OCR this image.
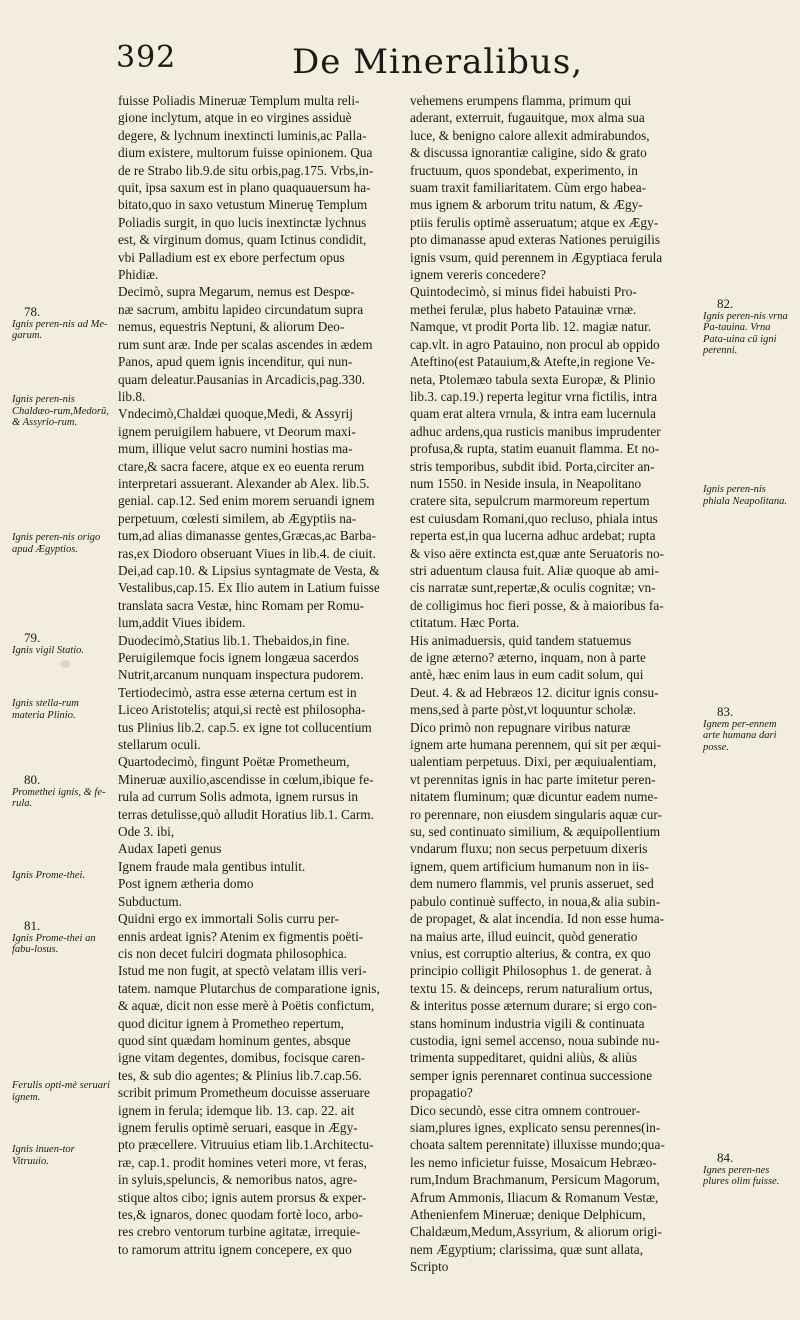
392	De Mineralibus,
fuisse Poliadis Mineruæ Templum multa reli-
gione inclytum, atque in eo virgines assiduè
degere, & lychnum inextincti luminis,ac Palla-
dium existere, multorum fuisse opinionem. Qua
de re Strabo lib.9.de situ orbis,pag.175. Vrbs,in-
quit, ipsa saxum est in plano quaquauersum ha-
bitato,quo in saxo vetustum Mineruę Templum
Poliadis surgit, in quo lucis inextinctæ lychnus
est, & virginum domus, quam Ictinus condidit,
vbi Palladium est ex ebore perfectum opus
Phidiæ.
Decimò, supra Megarum, nemus est Despœ-
næ sacrum, ambitu lapideo circundatum supra
nemus, equestris Neptuni, & aliorum Deo-
rum sunt aræ. Inde per scalas ascendes in ædem
Panos, apud quem ignis incenditur, qui nun-
quam deleatur.Pausanias in Arcadicis,pag.330.
lib.8.
Vndecimò,Chaldæi quoque,Medi, & Assyrij
ignem peruigilem habuere, vt Deorum maxi-
mum, illique velut sacro numini hostias ma-
ctare,& sacra facere, atque ex eo euenta rerum
interpretari assuerant. Alexander ab Alex. lib.5.
genial. cap.12. Sed enim morem seruandi ignem
perpetuum, cœlesti similem, ab Ægyptiis na-
tum,ad alias dimanasse gentes,Græcas,ac Barba-
ras,ex Diodoro obseruant Viues in lib.4. de ciuit.
Dei,ad cap.10. & Lipsius syntagmate de Vesta, &
Vestalibus,cap.15. Ex Ilio autem in Latium fuisse
translata sacra Vestæ, hinc Romam per Romu-
lum,addit Viues ibidem.
Duodecimò,Statius lib.1. Thebaidos,in fine.
Peruigilemque focis ignem longæua sacerdos
Nutrit,arcanum nunquam inspectura pudorem.
Tertiodecimò, astra esse æterna certum est in
Liceo Aristotelis; atqui,si rectè est philosopha-
tus Plinius lib.2. cap.5. ex igne tot collucentium
stellarum oculi.
Quartodecimò, fingunt Poëtæ Prometheum,
Mineruæ auxilio,ascendisse in cœlum,ibique fe-
rula ad currum Solis admota, ignem rursus in
terras detulisse,quò alludit Horatius lib.1. Carm.
Ode 3. ibi,
Audax Iapeti genus
Ignem fraude mala gentibus intulit.
Post ignem ætheria domo
Subductum.
Quidni ergo ex immortali Solis curru per-
ennis ardeat ignis? Atenim ex figmentis poëti-
cis non decet fulciri dogmata philosophica.
Istud me non fugit, at spectò velatam illis veri-
tatem. namque Plutarchus de comparatione ignis,
& aquæ, dicit non esse merè à Poëtis confictum,
quod dicitur ignem à Prometheo repertum,
quod sint quædam hominum gentes, absque
igne vitam degentes, domibus, focisque caren-
tes, & sub dio agentes; & Plinius lib.7.cap.56.
scribit primum Prometheum docuisse asseruare
ignem in ferula; idemque lib. 13. cap. 22. ait
ignem ferulis optimè seruari, easque in Ægy-
pto præcellere. Vitruuius etiam lib.1.Architectu-
ræ, cap.1. prodit homines veteri more, vt feras,
in syluis,speluncis, & nemoribus natos, agre-
stique altos cibo; ignis autem prorsus & exper-
tes,& ignaros, donec quodam fortè loco, arbo-
res crebro ventorum turbine agitatæ, irrequie-
to ramorum attritu ignem concepere, ex quo
vehemens erumpens flamma, primum qui
aderant, exterruit, fugauitque, mox alma sua
luce, & benigno calore allexit admirabundos,
& discussa ignorantiæ caligine, sido & grato
fructuum, quos spondebat, experimento, in
suam traxit familiaritatem. Cùm ergo habea-
mus ignem & arborum tritu natum, & Ægy-
ptiis ferulis optimè asseruatum; atque ex Ægy-
pto dimanasse apud exteras Nationes peruigilis
ignis vsum, quid perennem in Ægyptiaca ferula
ignem vereris concedere?
Quintodecimò, si minus fidei habuisti Pro-
methei ferulæ, plus habeto Patauinæ vrnæ.
Namque, vt prodit Porta lib. 12. magiæ natur.
cap.vlt. in agro Patauino, non procul ab oppido
Ateftino(est Patauium,& Atefte,in regione Ve-
neta, Ptolemæo tabula sexta Europæ, & Plinio
lib.3. cap.19.) reperta legitur vrna fictilis, intra
quam erat altera vrnula, & intra eam lucernula
adhuc ardens,qua rusticis manibus imprudenter
profusa,& rupta, statim euanuit flamma. Et no-
stris temporibus, subdit ibid. Porta,circiter an-
num 1550. in Neside insula, in Neapolitano
cratere sita, sepulcrum marmoreum repertum
est cuiusdam Romani,quo recluso, phiala intus
reperta est,in qua lucerna adhuc ardebat; rupta
& viso aëre extincta est,quæ ante Seruatoris no-
stri aduentum clausa fuit. Aliæ quoque ab ami-
cis narratæ sunt,repertæ,& oculis cognitæ; vn-
de colligimus hoc fieri posse, & à maioribus fa-
ctitatum. Hæc Porta.
His animaduersis, quid tandem statuemus
de igne æterno? æterno, inquam, non à parte
antè, hæc enim laus in eum cadit solum, qui
Deut. 4. & ad Hebræos 12. dicitur ignis consu-
mens,sed à parte pòst,vt loquuntur scholæ.
Dico primò non repugnare viribus naturæ
ignem arte humana perennem, qui sit per æqui-
ualentiam perpetuus. Dixi, per æquiualentiam,
vt perennitas ignis in hac parte imitetur peren-
nitatem fluminum; quæ dicuntur eadem nume-
ro perennare, non eiusdem singularis aquæ cur-
su, sed continuato similium, & æquipollentium
vndarum fluxu; non secus perpetuum dixeris
ignem, quem artificium humanum non in iis-
dem numero flammis, vel prunis asseruet, sed
pabulo continuè suffecto, in noua,& alia subin-
de propaget, & alat incendia. Id non esse huma-
na maius arte, illud euincit, quòd generatio
vnius, est corruptio alterius, & contra, ex quo
principio colligit Philosophus 1. de generat. à
textu 15. & deinceps, rerum naturalium ortus,
& interitus posse æternum durare; si ergo con-
stans hominum industria vigili & continuata
custodia, igni semel accenso, noua subinde nu-
trimenta suppeditaret, quidni aliùs, & aliùs
semper ignis perennaret continua successione
propagatio?
Dico secundò, esse citra omnem controuer-
siam,plures ignes, explicato sensu perennes(in-
choata saltem perennitate) illuxisse mundo;qua-
les nemo inficietur fuisse, Mosaicum Hebræo-
rum,Indum Brachmanum, Persicum Magorum,
Afrum Ammonis, Iliacum & Romanum Vestæ,
Athenienfem Mineruæ; denique Delphicum,
Chaldæum,Medum,Assyrium, & aliorum origi-
nem Ægyptium; clarissima, quæ sunt allata,
Scripto
78.
Ignis peren-nis ad Me-garum.
Ignis peren-nis Chaldæo-rum,Medorū, & Assyrio-rum.
Ignis peren-nis origo apud Ægyptios.
79.
Ignis vigil Statio.
Ignis stella-rum materia Plinio.
80.
Promethei ignis, & fe-rula.
Ignis Prome-thei.
81.
Ignis Prome-thei an fabu-losus.
Ferulis opti-mè seruari ignem.
Ignis inuen-tor Vitruuio.
82.
Ignis peren-nis vrna Pa-tauina. Vrna Pata-uina cū igni perenni.
Ignis peren-nis phiala Neapolitana.
83.
Ignem per-ennem arte humana dari posse.
84.
Ignes peren-nes plures olim fuisse.
